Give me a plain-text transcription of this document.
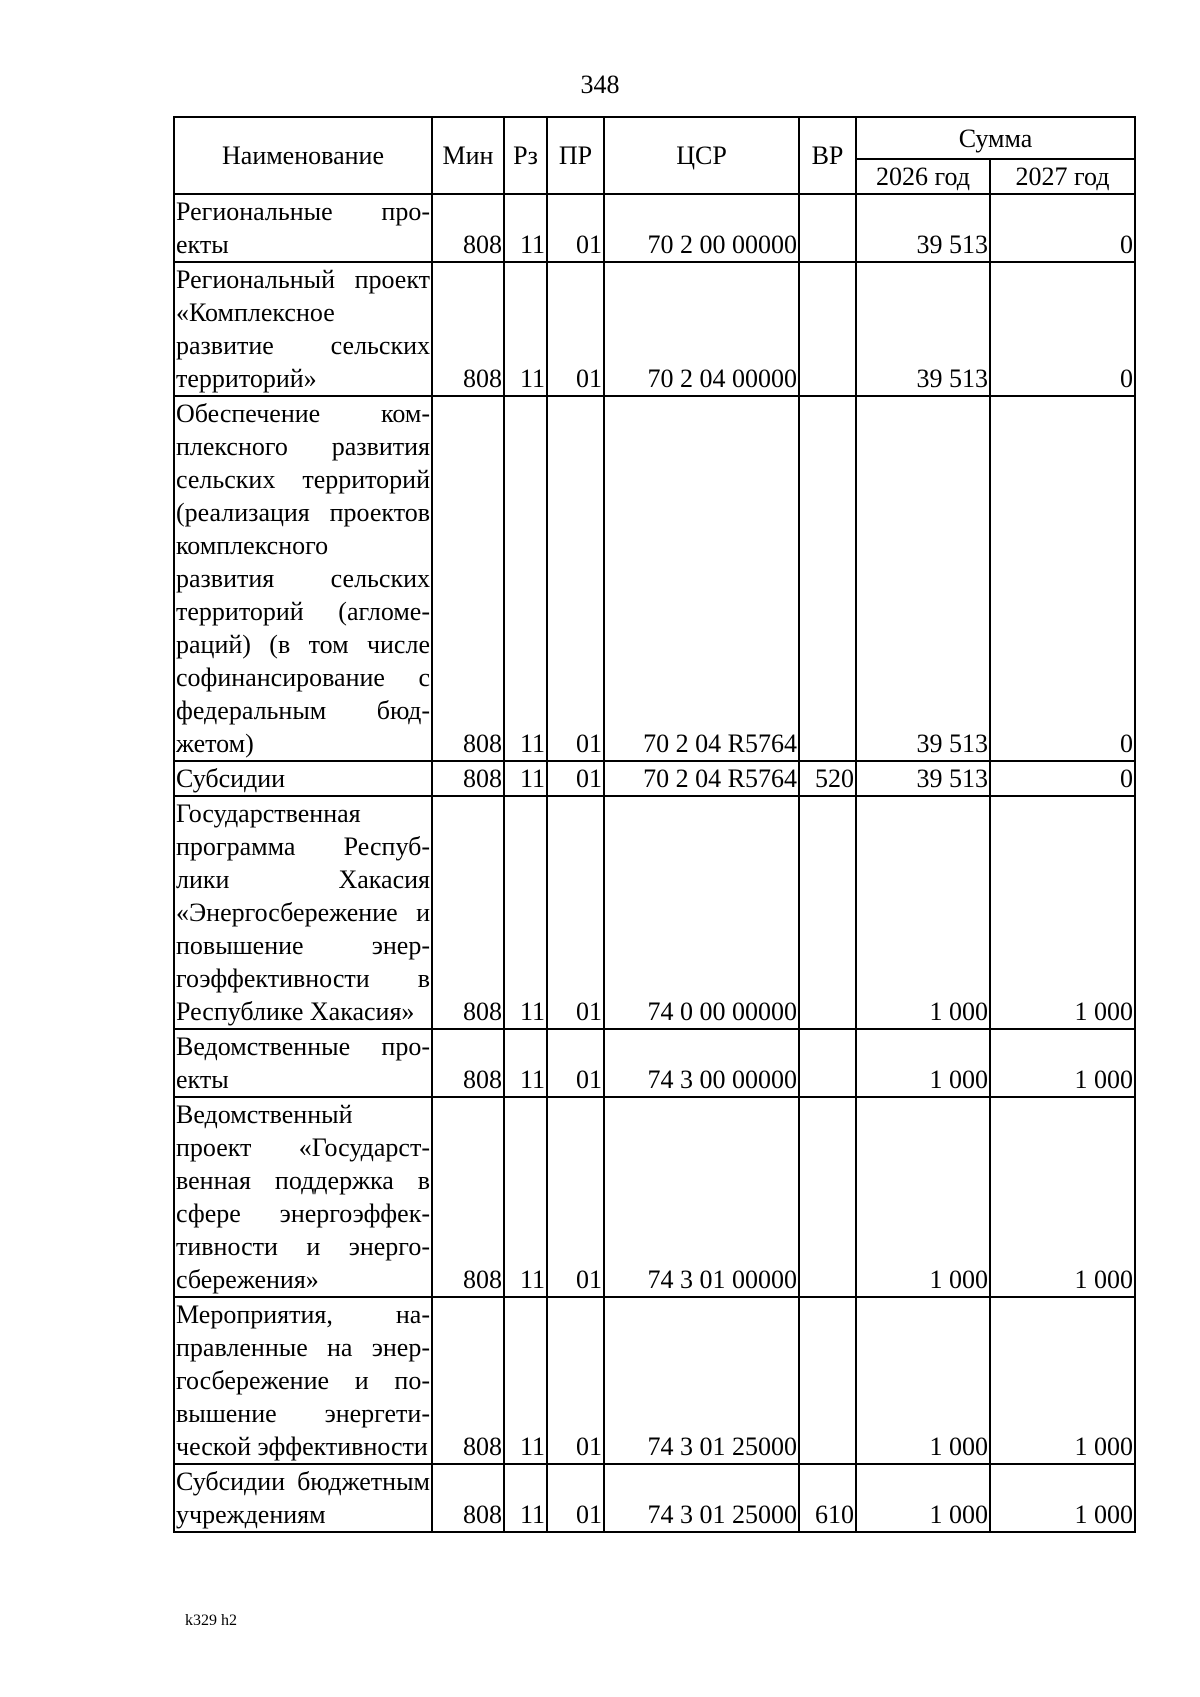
348
Наименование	Мин	Рз	ПР	ЦСР	ВР	Сумма	
						2026 год	2027 год
Региональные проекты	808	11	01	70 2 00 00000		39 513	0
Региональный проект «Комплексное развитие сельских территорий»	808	11	01	70 2 04 00000		39 513	0
Обеспечение комплексного развития сельских территорий (реализация проектов комплексного развития сельских территорий (агломераций) (в том числе софинансирование с федеральным бюджетом)	808	11	01	70 2 04 R5764		39 513	0
Субсидии	808	11	01	70 2 04 R5764	520	39 513	0
Государственная программа Республики Хакасия «Энергосбережение и повышение энергоэффективности в Республике Хакасия»	808	11	01	74 0 00 00000		1 000	1 000
Ведомственные проекты	808	11	01	74 3 00 00000		1 000	1 000
Ведомственный проект «Государственная поддержка в сфере энергоэффективности и энергосбережения»	808	11	01	74 3 01 00000		1 000	1 000
Мероприятия, направленные на энергосбережение и повышение энергетической эффективности	808	11	01	74 3 01 25000		1 000	1 000
Субсидии бюджетным учреждениям	808	11	01	74 3 01 25000	610	1 000	1 000
k329 h2
